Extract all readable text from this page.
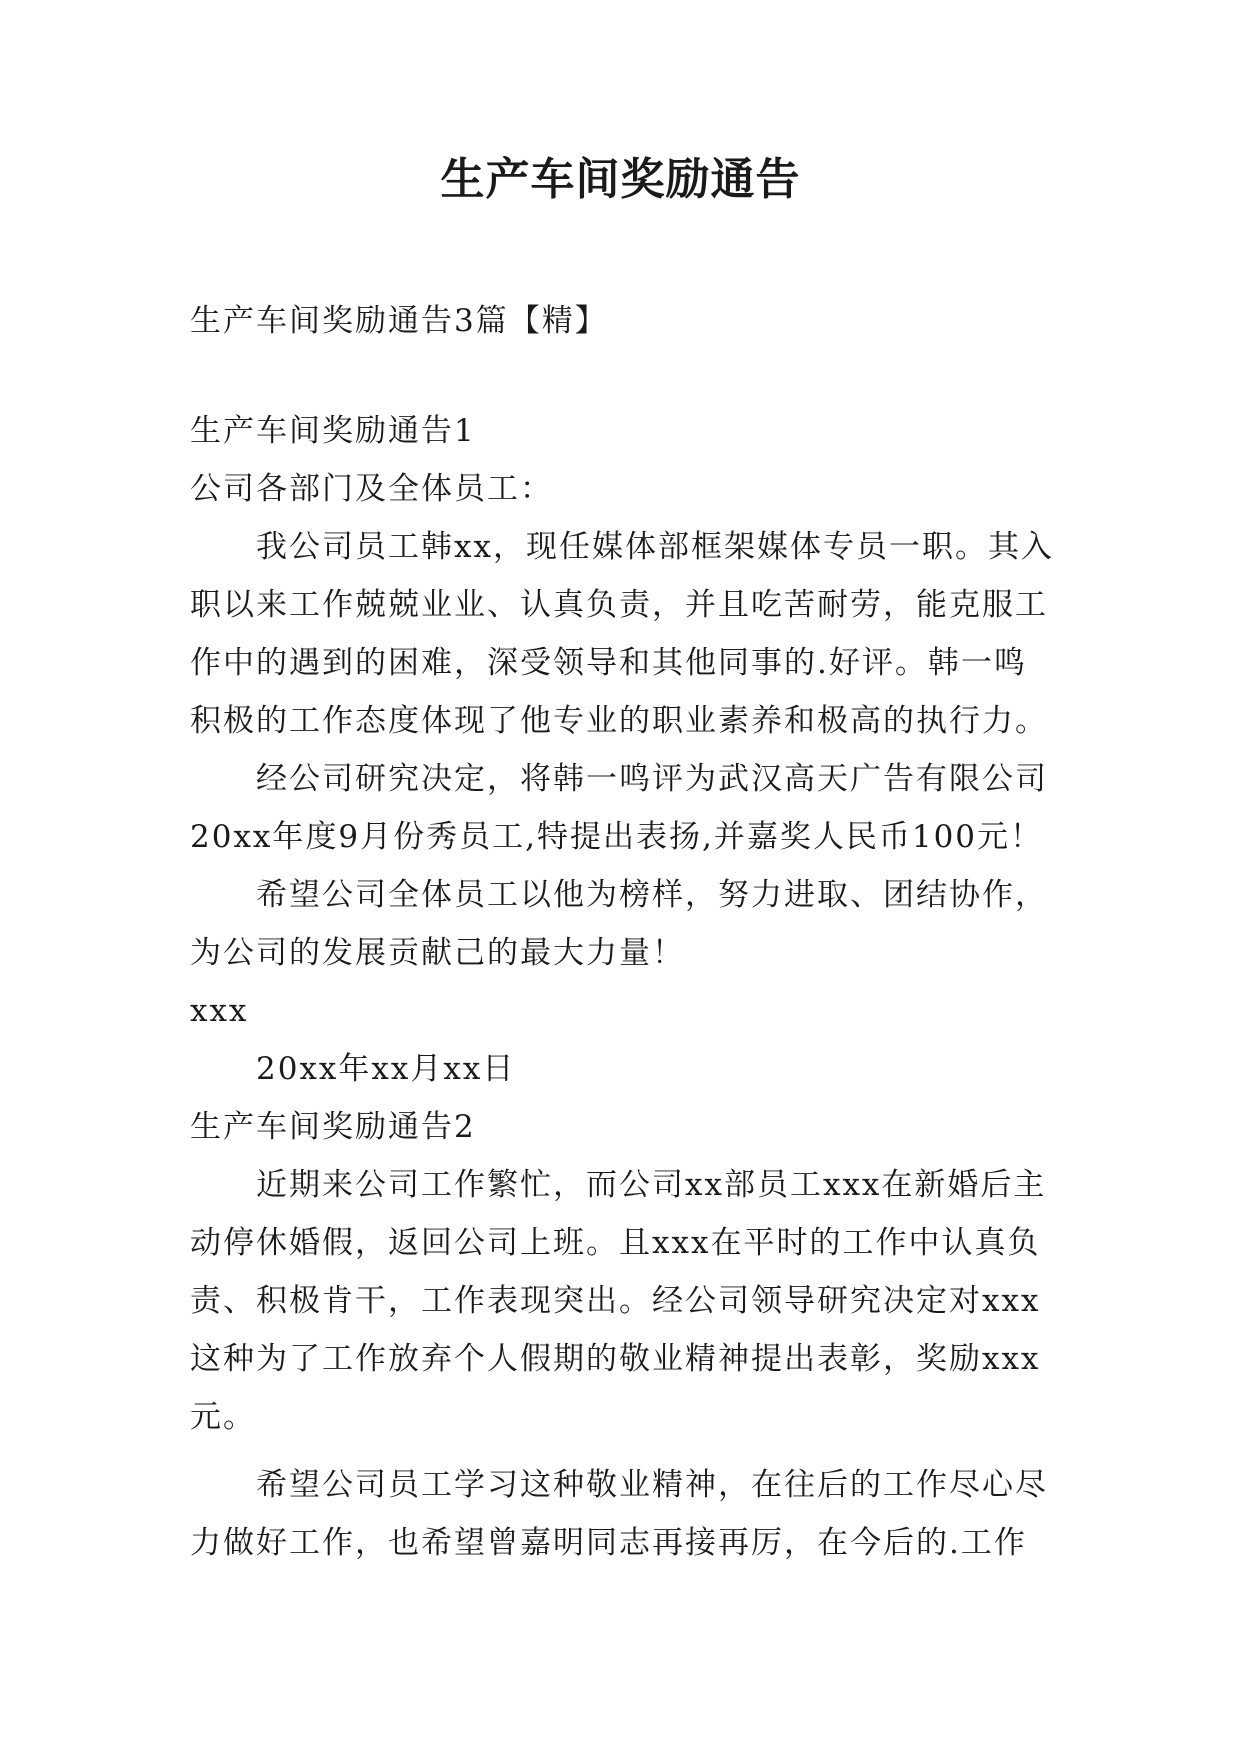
生产车间奖励通告
生产车间奖励通告3篇【精】

生产车间奖励通告1

公司各部门及全体员工：

我公司员工韩xx，现任媒体部框架媒体专员一职。其入职以来工作兢兢业业、认真负责，并且吃苦耐劳，能克服工作中的遇到的困难，深受领导和其他同事的.好评。韩一鸣积极的工作态度体现了他专业的职业素养和极高的执行力。

经公司研究决定，将韩一鸣评为武汉高天广告有限公司20xx年度9月份秀员工,特提出表扬,并嘉奖人民币100元！

希望公司全体员工以他为榜样，努力进取、团结协作，为公司的发展贡献己的最大力量！

xxx

20xx年xx月xx日

生产车间奖励通告2

近期来公司工作繁忙，而公司xx部员工xxx在新婚后主动停休婚假，返回公司上班。且xxx在平时的工作中认真负责、积极肯干，工作表现突出。经公司领导研究决定对xxx这种为了工作放弃个人假期的敬业精神提出表彰，奖励xxx元。

希望公司员工学习这种敬业精神，在往后的工作尽心尽力做好工作，也希望曾嘉明同志再接再厉，在今后的.工作
